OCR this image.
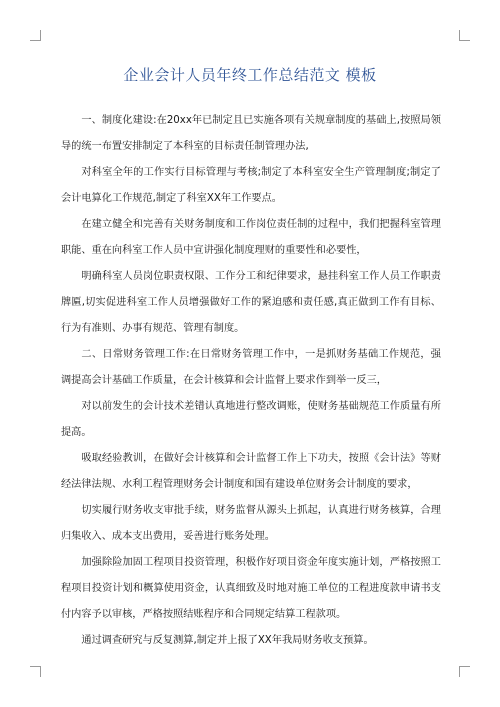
企业会计人员年终工作总结范文 模板

一、制度化建设:在20xx年已制定且已实施各项有关规章制度的基础上,按照局领导的统一布置安排制定了本科室的目标责任制管理办法,

对科室全年的工作实行目标管理与考核;制定了本科室安全生产管理制度;制定了会计电算化工作规范,制定了科室XX年工作要点。

在建立健全和完善有关财务制度和工作岗位责任制的过程中，我们把握科室管理职能、重在向科室工作人员中宣讲强化制度理财的重要性和必要性，

明确科室人员岗位职责权限、工作分工和纪律要求，悬挂科室工作人员工作职责牌匾,切实促进科室工作人员增强做好工作的紧迫感和责任感,真正做到工作有目标、行为有准则、办事有规范、管理有制度。

二、日常财务管理工作:在日常财务管理工作中，一是抓财务基础工作规范，强调提高会计基础工作质量，在会计核算和会计监督上要求作到举一反三，

对以前发生的会计技术差错认真地进行整改调账，使财务基础规范工作质量有所提高。

吸取经验教训，在做好会计核算和会计监督工作上下功夫，按照《会计法》等财经法律法规、水利工程管理财务会计制度和国有建设单位财务会计制度的要求，

切实履行财务收支审批手续，财务监督从源头上抓起，认真进行财务核算，合理归集收入、成本支出费用，妥善进行账务处理。

加强除险加固工程项目投资管理，积极作好项目资金年度实施计划，严格按照工程项目投资计划和概算使用资金，认真细致及时地对施工单位的工程进度款申请书支付内容予以审核，严格按照结账程序和合同规定结算工程款项。

通过调查研究与反复测算,制定并上报了XX年我局财务收支预算。
